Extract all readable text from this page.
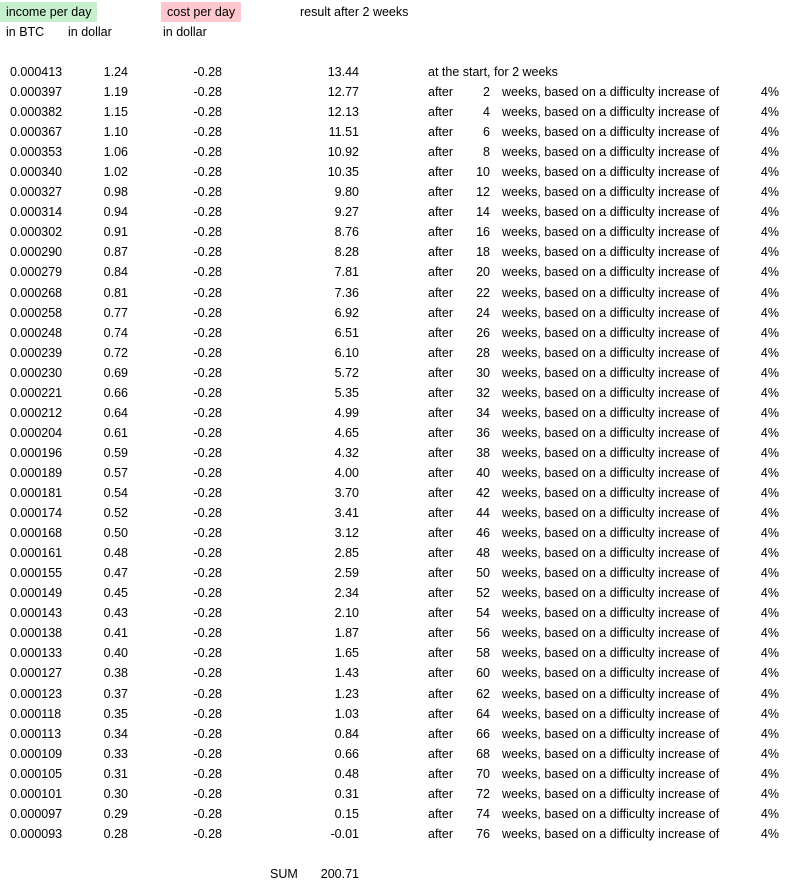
income per day	cost per day	result after 2 weeks
in BTC in dollar	in dollar
0.000413	1.24	-0.28	13.44	at the start, for 2 weeks
0.000397	1.19	-0.28	12.77	after	2 weeks, based on a difficulty increase of	4%
0.000382	1.15	-0.28	12.13	after	4 weeks, based on a difficulty increase of	4%
0.000367	1.10	-0.28	11.51	after	6 weeks, based on a difficulty increase of	4%
0.000353	1.06	-0.28	10.92	after	8 weeks, based on a difficulty increase of	4%
0.000340	1.02	-0.28	10.35	after	10 weeks, based on a difficulty increase of	4%
0.000327	0.98	-0.28	9.80	after	12 weeks, based on a difficulty increase of	4%
0.000314	0.94	-0.28	9.27	after	14 weeks, based on a difficulty increase of	4%
0.000302	0.91	-0.28	8.76	after	16 weeks, based on a difficulty increase of	4%
0.000290	0.87	-0.28	8.28	after	18 weeks, based on a difficulty increase of	4%
0.000279	0.84	-0.28	7.81	after	20 weeks, based on a difficulty increase of	4%
0.000268	0.81	-0.28	7.36	after	22 weeks, based on a difficulty increase of	4%
0.000258	0.77	-0.28	6.92	after	24 weeks, based on a difficulty increase of	4%
0.000248	0.74	-0.28	6.51	after	26 weeks, based on a difficulty increase of	4%
0.000239	0.72	-0.28	6.10	after	28 weeks, based on a difficulty increase of	4%
0.000230	0.69	-0.28	5.72	after	30 weeks, based on a difficulty increase of	4%
0.000221	0.66	-0.28	5.35	after	32 weeks, based on a difficulty increase of	4%
0.000212	0.64	-0.28	4.99	after	34 weeks, based on a difficulty increase of	4%
0.000204	0.61	-0.28	4.65	after	36 weeks, based on a difficulty increase of	4%
0.000196	0.59	-0.28	4.32	after	38 weeks, based on a difficulty increase of	4%
0.000189	0.57	-0.28	4.00	after	40 weeks, based on a difficulty increase of	4%
0.000181	0.54	-0.28	3.70	after	42 weeks, based on a difficulty increase of	4%
0.000174	0.52	-0.28	3.41	after	44 weeks, based on a difficulty increase of	4%
0.000168	0.50	-0.28	3.12	after	46 weeks, based on a difficulty increase of	4%
0.000161	0.48	-0.28	2.85	after	48 weeks, based on a difficulty increase of	4%
0.000155	0.47	-0.28	2.59	after	50 weeks, based on a difficulty increase of	4%
0.000149	0.45	-0.28	2.34	after	52 weeks, based on a difficulty increase of	4%
0.000143	0.43	-0.28	2.10	after	54 weeks, based on a difficulty increase of	4%
0.000138	0.41	-0.28	1.87	after	56 weeks, based on a difficulty increase of	4%
0.000133	0.40	-0.28	1.65	after	58 weeks, based on a difficulty increase of	4%
0.000127	0.38	-0.28	1.43	after	60 weeks, based on a difficulty increase of	4%
0.000123	0.37	-0.28	1.23	after	62 weeks, based on a difficulty increase of	4%
0.000118	0.35	-0.28	1.03	after	64 weeks, based on a difficulty increase of	4%
0.000113	0.34	-0.28	0.84	after	66 weeks, based on a difficulty increase of	4%
0.000109	0.33	-0.28	0.66	after	68 weeks, based on a difficulty increase of	4%
0.000105	0.31	-0.28	0.48	after	70 weeks, based on a difficulty increase of	4%
0.000101	0.30	-0.28	0.31	after	72 weeks, based on a difficulty increase of	4%
0.000097	0.29	-0.28	0.15	after	74 weeks, based on a difficulty increase of	4%
0.000093	0.28	-0.28	-0.01	after	76 weeks, based on a difficulty increase of	4%
SUM	200.71
